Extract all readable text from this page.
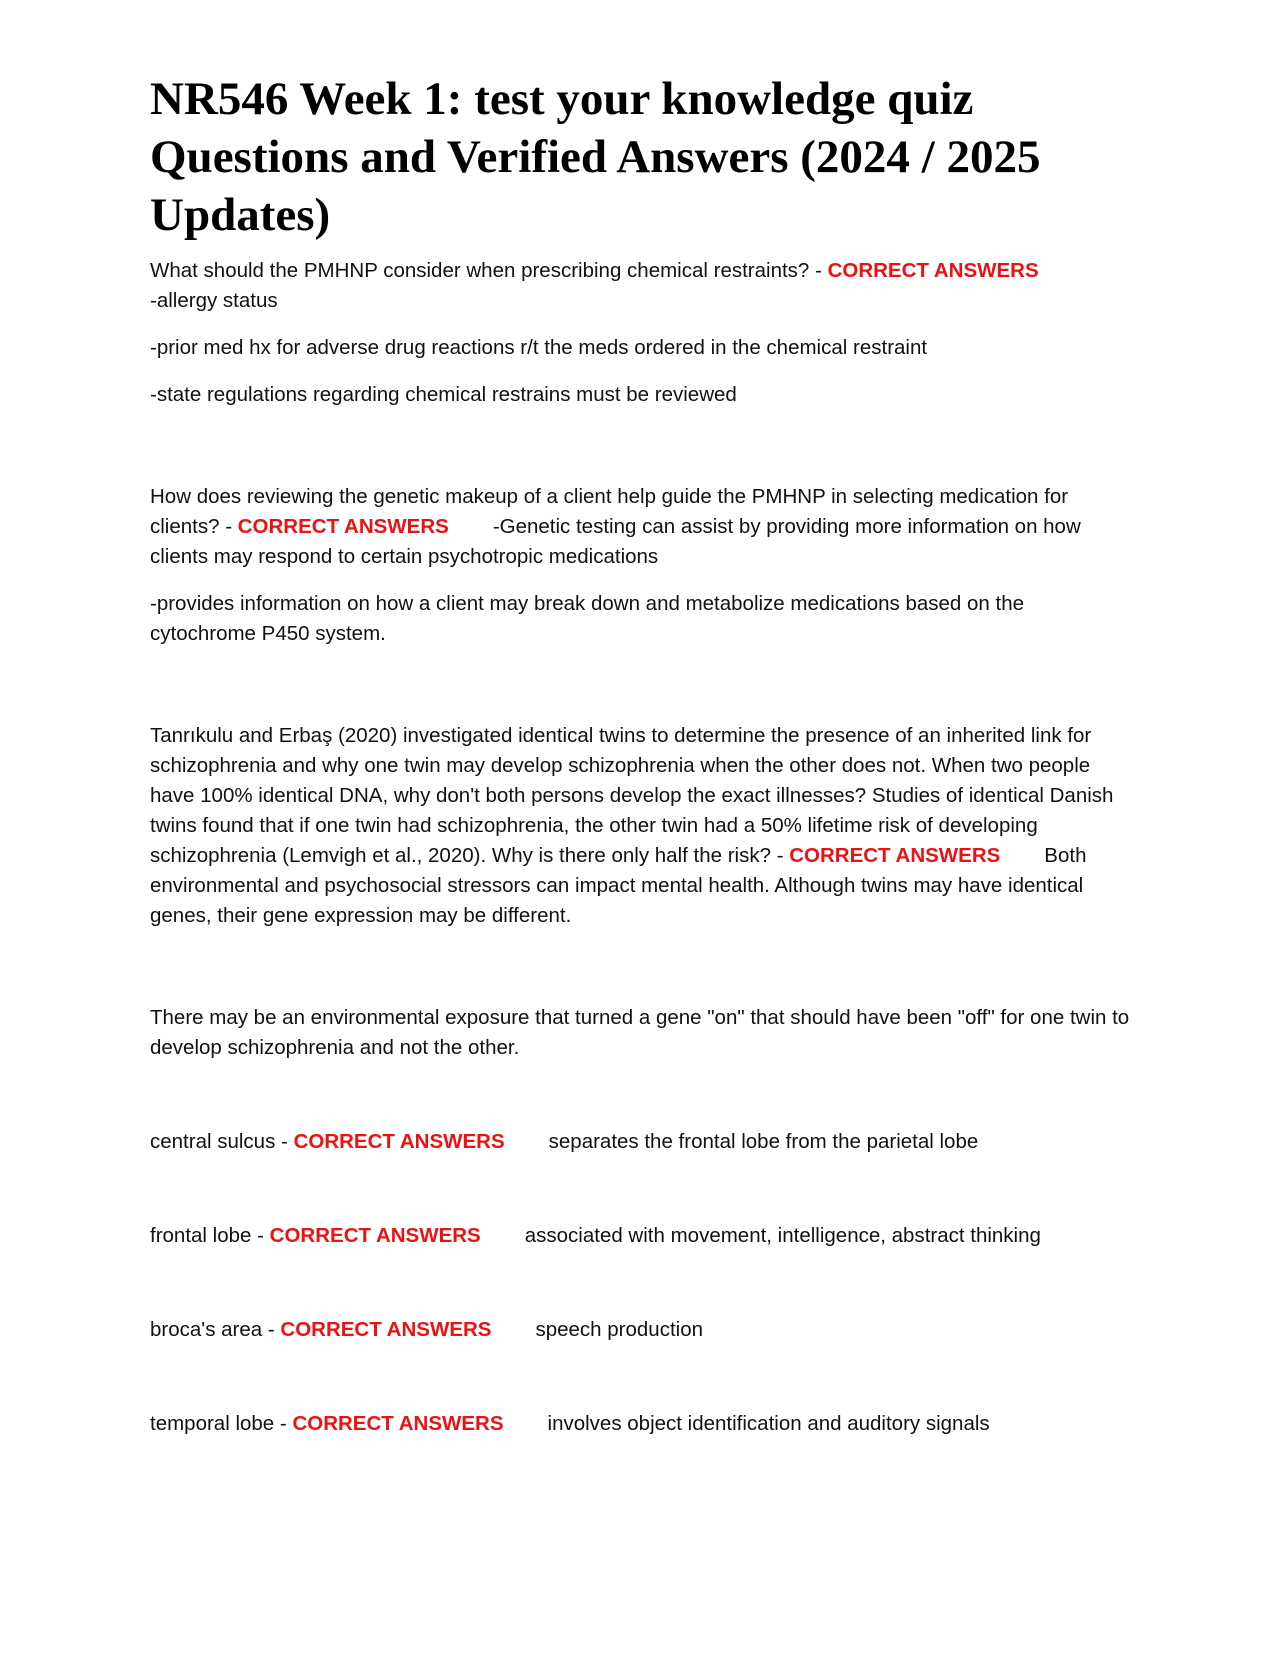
NR546 Week 1: test your knowledge quiz Questions and Verified Answers (2024 / 2025 Updates)

What should the PMHNP consider when prescribing chemical restraints? - CORRECT ANSWERS
-allergy status

-prior med hx for adverse drug reactions r/t the meds ordered in the chemical restraint

-state regulations regarding chemical restrains must be reviewed

How does reviewing the genetic makeup of a client help guide the PMHNP in selecting medication for clients? - CORRECT ANSWERS -Genetic testing can assist by providing more information on how clients may respond to certain psychotropic medications

-provides information on how a client may break down and metabolize medications based on the cytochrome P450 system.

Tanrıkulu and Erbaş (2020) investigated identical twins to determine the presence of an inherited link for schizophrenia and why one twin may develop schizophrenia when the other does not. When two people have 100% identical DNA, why don't both persons develop the exact illnesses? Studies of identical Danish twins found that if one twin had schizophrenia, the other twin had a 50% lifetime risk of developing schizophrenia (Lemvigh et al., 2020). Why is there only half the risk? - CORRECT ANSWERS Both environmental and psychosocial stressors can impact mental health. Although twins may have identical genes, their gene expression may be different.

There may be an environmental exposure that turned a gene "on" that should have been "off" for one twin to develop schizophrenia and not the other.

central sulcus - CORRECT ANSWERS separates the frontal lobe from the parietal lobe

frontal lobe - CORRECT ANSWERS associated with movement, intelligence, abstract thinking

broca's area - CORRECT ANSWERS speech production

temporal lobe - CORRECT ANSWERS involves object identification and auditory signals
